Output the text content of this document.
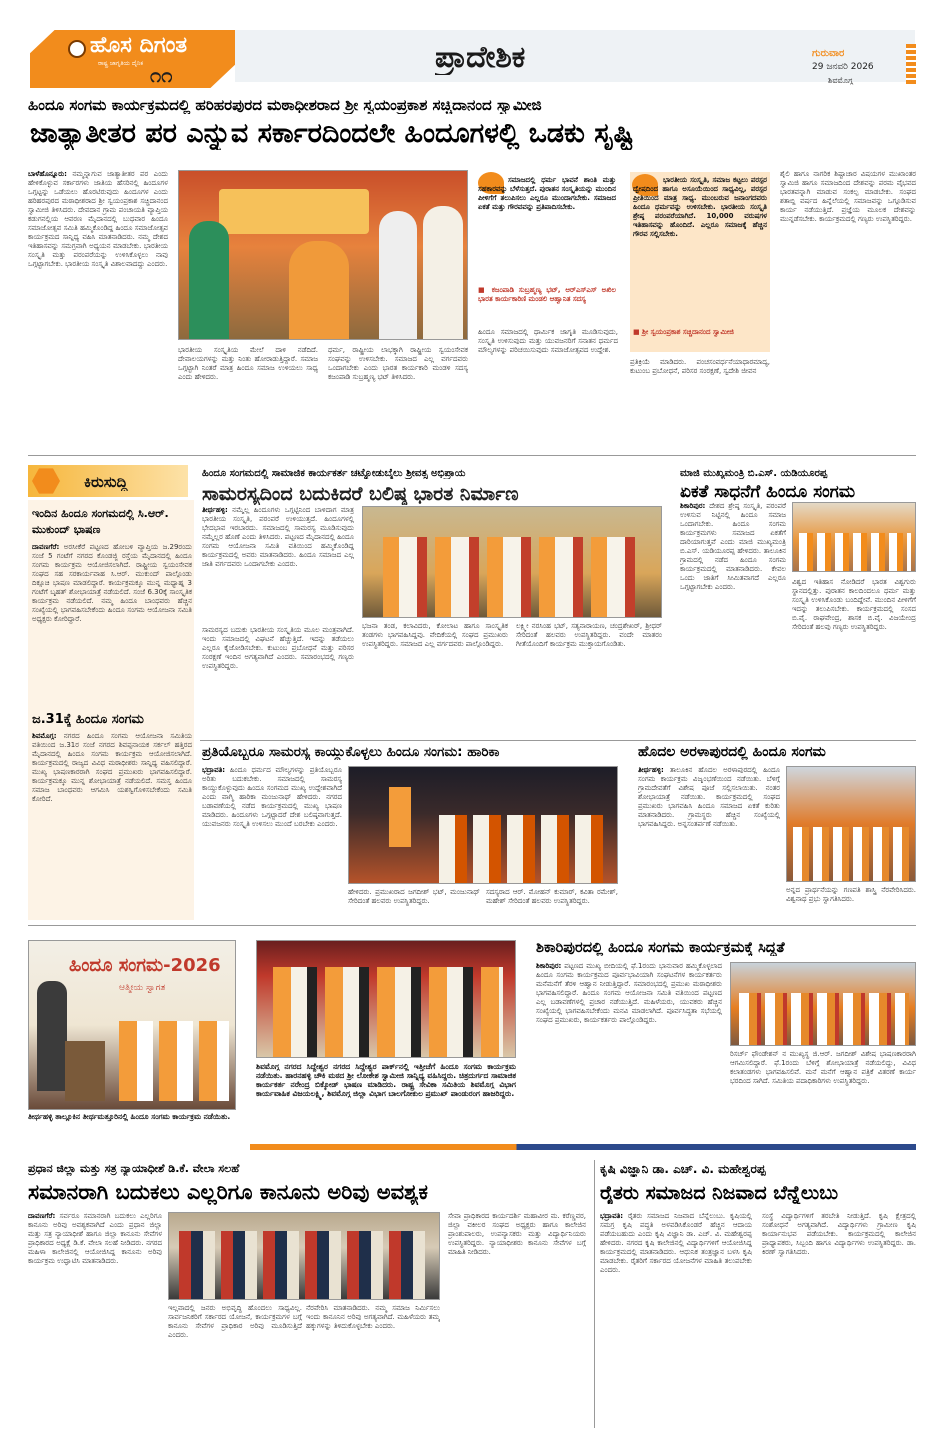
ಹೊಸ ದಿಗಂತ
ರಾಷ್ಟ್ರ ಜಾಗೃತಿಯ ದೈನಿಕ ೧೧	ಪ್ರಾದೇಶಿಕ	ಗುರುವಾರ
29 ಜನವರಿ 2026
ಶಿವಮೊಗ್ಗ
ಹಿಂದೂ ಸಂಗಮ ಕಾರ್ಯಕ್ರಮದಲ್ಲಿ ಹರಿಹರಪುರದ ಮಠಾಧೀಶರಾದ ಶ್ರೀ ಸ್ವಯಂಪ್ರಕಾಶ ಸಚ್ಚಿದಾನಂದ ಸ್ವಾಮೀಜಿ
ಜಾತ್ಯಾತೀತರ ಪರ ಎನ್ನುವ ಸರ್ಕಾರದಿಂದಲೇ ಹಿಂದೂಗಳಲ್ಲಿ ಒಡಕು ಸೃಷ್ಟಿ
ಬಾಳೆಹೊನ್ನೂರು: ನಮ್ಮನ್ನಾಗುವ ಜಾತ್ಯಾತೀತರ ಪರ ಎಂದು ಹೇಳಿಕೊಳ್ಳುವ ಸರ್ಕಾರಗಳು ಜಾತಿಯ ಹೆಸರಿನಲ್ಲಿ ಹಿಂದೂಗಳ ಒಗ್ಗಟ್ಟನ್ನು ಒಡೆಯಲು ಹೊರಟಿರುವುದು ಹಿಂದೂಗಳ ಎಂದು ಹರಿಹರಪುರದ ಮಠಾಧೀಶರಾದ ಶ್ರೀ ಸ್ವಯಂಪ್ರಕಾಶ ಸಚ್ಚಿದಾನಂದ ಸ್ವಾಮೀಜಿ ತಿಳಿಸಿದರು. ದೇವದಾನ ಗ್ರಾಮ ಪಂಚಾಯತಿ ವ್ಯಾಪ್ತಿಯ ಕಡುಗನಲ್ಲಿಯ ಆವರಣ ಮೈದಾನದಲ್ಲಿ ಬುಧವಾರ ಹಿಂದೂ ಸಮಾಜೋತ್ಸವ ಸಮಿತಿ ಹಮ್ಮಿಕೊಂಡಿದ್ದ ಹಿಂದೂ ಸಮಾಜೋತ್ಸವ ಕಾರ್ಯಕ್ರಮದ ಸಾನ್ನಿಧ್ಯ ವಹಿಸಿ ಮಾತನಾಡಿದರು. ನಮ್ಮ ದೇಶದ ಇತಿಹಾಸವನ್ನು ಸಮಗ್ರವಾಗಿ ಅಧ್ಯಯನ ಮಾಡಬೇಕು. ಭಾರತೀಯ ಸಂಸ್ಕೃತಿ ಮತ್ತು ಪರಂಪರೆಯನ್ನು ಉಳಿಸಿಕೊಳ್ಳಲು ನಾವು ಒಗ್ಗಟ್ಟಾಗಬೇಕು. ಭಾರತೀಯ ಸಂಸ್ಕೃತಿ ವಿಶಾಲವಾದದ್ದು ಎಂದರು.
ಸಮಾಜದಲ್ಲಿ ಧರ್ಮ ಭಾವನೆ ಶಾಂತಿ ಮತ್ತು ಸಹಕಾರವನ್ನು ಬೆಳೆಸುತ್ತದೆ. ಪುರಾತನ ಸಂಸ್ಕೃತಿಯನ್ನು ಮುಂದಿನ ಪೀಳಿಗೆಗೆ ತಲುಪಿಸಲು ಎಲ್ಲರೂ ಮುಂದಾಗಬೇಕು. ಸಮಾಜದ ಏಕತೆ ಮತ್ತು ಗೌರವವನ್ನು ಪ್ರತಿಪಾದಿಸಬೇಕು.
■ ಕಜಂಪಾಡಿ ಸುಬ್ರಹ್ಮಣ್ಯ ಭಟ್, ಆರ್‌ಎಸ್‌ಎಸ್ ಅಖಿಲ ಭಾರತ ಕಾರ್ಯಕಾರಿಣಿ ಮಂಡಲಿ ಆಹ್ವಾನಿತ ಸದಸ್ಯ
ಭಾರತೀಯ ಸಂಸ್ಕೃತಿ, ಸಮಾಜ ಕಟ್ಟಲು ಪರಸ್ಪರ ದ್ವೇಷದಿಂದ ಹಾಗೂ ಅಸೂಯೆಯಿಂದ ಸಾಧ್ಯವಿಲ್ಲ, ಪರಸ್ಪರ ಪ್ರೀತಿಯಿಂದ ಮಾತ್ರ ಸಾಧ್ಯ. ಮುಂಬರುವ ಜನಾಂಗದವರು ಹಿಂದೂ ಧರ್ಮವನ್ನು ಉಳಿಸಬೇಕು. ಭಾರತೀಯ ಸಂಸ್ಕೃತಿ ಶ್ರೇಷ್ಠ ಪರಂಪರೆಯಾಗಿದೆ. 10,000 ವರುಷಗಳ ಇತಿಹಾಸವನ್ನು ಹೊಂದಿದೆ. ಎಲ್ಲರೂ ಸಮಾಜಕ್ಕೆ ಹೆಚ್ಚಿನ ಗೌರವ ಸಲ್ಲಿಸಬೇಕು.
■ ಶ್ರೀ ಸ್ವಯಂಪ್ರಕಾಶ ಸಚ್ಚಿದಾನಂದ ಸ್ವಾಮೀಜಿ
ಭಾರತೀಯ ಸಂಸ್ಕೃತಿಯ ಮೇಲೆ ದಾಳಿ ನಡೆದಿದೆ. ದೇವಾಲಯಗಳನ್ನು ಮತ್ತು ನಿಂತು ಹೋರಾಡುತ್ತಿದ್ದಾರೆ. ಸಮಾಜ ಒಗ್ಗಟ್ಟಾಗಿ ನಿಂತರೆ ಮಾತ್ರ ಹಿಂದೂ ಸಮಾಜ ಉಳಿಯಲು ಸಾಧ್ಯ ಎಂದು ಹೇಳಿದರು.
ಧರ್ಮ, ರಾಷ್ಟ್ರೀಯ ಲಾಭಕ್ಕಾಗಿ ರಾಷ್ಟ್ರೀಯ ಸ್ವಯಂಸೇವಕ ಸಂಘವನ್ನು ಉಳಿಸಬೇಕು. ಸಮಾಜದ ಎಲ್ಲ ವರ್ಗದವರು ಒಂದಾಗಬೇಕು ಎಂದು ಭಾರತ ಕಾರ್ಯಕಾರಿ ಮಂಡಳಿ ಸದಸ್ಯ ಕಜಂಪಾಡಿ ಸುಬ್ರಹ್ಮಣ್ಯ ಭಟ್ ತಿಳಿಸಿದರು.
ಹಿಂದೂ ಸಮಾಜದಲ್ಲಿ ಧಾರ್ಮಿಕ ಜಾಗೃತಿ ಮೂಡಿಸುವುದು, ಸಂಸ್ಕೃತಿ ಉಳಿಸುವುದು ಮತ್ತು ಯುವಜನರಿಗೆ ಸನಾತನ ಧರ್ಮದ ಮೌಲ್ಯಗಳನ್ನು ಪರಿಚಯಿಸುವುದು ಸಮಾಜೋತ್ಸವದ ಉದ್ದೇಶ.
ಪ್ರತಿಕ್ರಿಯೆ ಮಾಡಿದರು. ಪಂಚಸಂವರ್ಧನೆಯಾಧಾರಮಾದ್ಯ, ಕುಟುಂಬ ಪ್ರಬೋಧನೆ, ಪರಿಸರ ಸಂರಕ್ಷಣೆ, ಸ್ವದೇಶಿ ಜೀವನ
ಶೈಲಿ ಹಾಗೂ ನಾಗರಿಕ ಶಿಷ್ಟಾಚಾರ ವಿಷಯಗಳ ಮುಖಾಂತರ ಸ್ವಾಮಿಜಿ ಹಾಗೂ ಸಮಾಜದಿಂದ ದೇಶವನ್ನು ಪರಮ ವೈಭವದ ಭಾರತವನ್ನಾಗಿ ಮಾಡುವ ಸಂಕಲ್ಪ ಮಾಡಬೇಕು. ಸಂಘದ ಶತಾಬ್ದಿ ವರ್ಷದ ಹಿನ್ನೆಲೆಯಲ್ಲಿ ಸಮಾಜವನ್ನು ಒಗ್ಗೂಡಿಸುವ ಕಾರ್ಯ ನಡೆಯುತ್ತಿದೆ. ಪ್ರಜ್ಞೆಯ ಮೂಲಕ ದೇಶವನ್ನು ಮುನ್ನಡೆಸಬೇಕು. ಕಾರ್ಯಕ್ರಮದಲ್ಲಿ ಗಣ್ಯರು ಉಪಸ್ಥಿತರಿದ್ದರು.
ಕಿರುಸುದ್ದಿ
ಇಂದಿನ ಹಿಂದೂ ಸಂಗಮದಲ್ಲಿ ಸಿ.ಆರ್. ಮುಕುಂದ್ ಭಾಷಣ
ದಾವಣಗೆರೆ: ಅರಸೀಕೆರೆ ಪಟ್ಟಣದ ಹೋಬಳಿ ವ್ಯಾಪ್ತಿಯ ಜ.29ರಂದು ಸಂಜೆ 5 ಗಂಟೆಗೆ ನಗರದ ಕೊಂಡಜ್ಜಿ ರಸ್ತೆಯ ಮೈದಾನದಲ್ಲಿ ಹಿಂದೂ ಸಂಗಮ ಕಾರ್ಯಕ್ರಮ ಆಯೋಜಿಸಲಾಗಿದೆ. ರಾಷ್ಟ್ರೀಯ ಸ್ವಯಂಸೇವಕ ಸಂಘದ ಸಹ ಸರಕಾರ್ಯವಾಹ ಸಿ.ಆರ್. ಮುಕುಂದ್ ಪಾಲ್ಗೊಂಡು ದಿಕ್ಸೂಚಿ ಭಾಷಣ ಮಾಡಲಿದ್ದಾರೆ. ಕಾರ್ಯಕ್ರಮಕ್ಕೂ ಮುನ್ನ ಮಧ್ಯಾಹ್ನ 3 ಗಂಟೆಗೆ ಬೃಹತ್ ಶೋಭಾಯಾತ್ರೆ ನಡೆಯಲಿದೆ. ಸಂಜೆ 6.30ಕ್ಕೆ ಸಾಂಸ್ಕೃತಿಕ ಕಾರ್ಯಕ್ರಮ ನಡೆಯಲಿದೆ. ನಮ್ಮ ಹಿಂದೂ ಬಾಂಧವರು ಹೆಚ್ಚಿನ ಸಂಖ್ಯೆಯಲ್ಲಿ ಭಾಗವಹಿಸಬೇಕೆಂದು ಹಿಂದೂ ಸಂಗಮ ಆಯೋಜನಾ ಸಮಿತಿ ಅಧ್ಯಕ್ಷರು ಕೋರಿದ್ದಾರೆ.
ಜ.31ಕ್ಕೆ ಹಿಂದೂ ಸಂಗಮ
ಶಿವಮೊಗ್ಗ: ನಗರದ ಹಿಂದೂ ಸಂಗಮ ಆಯೋಜನಾ ಸಮಿತಿಯ ವತಿಯಿಂದ ಜ.31ರ ಸಂಜೆ ನಗರದ ಶಿವಪ್ಪನಾಯಕ ಸರ್ಕಲ್ ಹತ್ತಿರದ ಮೈದಾನದಲ್ಲಿ ಹಿಂದೂ ಸಂಗಮ ಕಾರ್ಯಕ್ರಮ ಆಯೋಜಿಸಲಾಗಿದೆ. ಕಾರ್ಯಕ್ರಮದಲ್ಲಿ ರಾಜ್ಯದ ವಿವಿಧ ಮಠಾಧೀಶರು ಸಾನ್ನಿಧ್ಯ ವಹಿಸಲಿದ್ದಾರೆ. ಮುಖ್ಯ ಭಾಷಣಕಾರರಾಗಿ ಸಂಘದ ಪ್ರಮುಖರು ಭಾಗವಹಿಸಲಿದ್ದಾರೆ. ಕಾರ್ಯಕ್ರಮಕ್ಕೂ ಮುನ್ನ ಶೋಭಾಯಾತ್ರೆ ನಡೆಯಲಿದೆ. ಸಮಸ್ತ ಹಿಂದೂ ಸಮಾಜ ಬಾಂಧವರು ಆಗಮಿಸಿ ಯಶಸ್ವಿಗೊಳಿಸಬೇಕೆಂದು ಸಮಿತಿ ಕೋರಿದೆ.
ಹಿಂದೂ ಸಂಗಮದಲ್ಲಿ ಸಾಮಾಜಿಕ ಕಾರ್ಯಕರ್ತ ಚಟ್ನೋಡುಬೈಲು ಶ್ರೀವತ್ಸ ಅಭಿಪ್ರಾಯ
ಸಾಮರಸ್ಯದಿಂದ ಬದುಕಿದರೆ ಬಲಿಷ್ಠ ಭಾರತ ನಿರ್ಮಾಣ
ತೀರ್ಥಹಳ್ಳಿ: ನಮ್ಮೆಲ್ಲ ಹಿಂದೂಗಳು ಒಗ್ಗಟ್ಟಿನಿಂದ ಬಾಳಿದಾಗ ಮಾತ್ರ ಭಾರತೀಯ ಸಂಸ್ಕೃತಿ, ಪರಂಪರೆ ಉಳಿಯುತ್ತದೆ. ಹಿಂದೂಗಳಲ್ಲಿ ಭೇದಭಾವ ಇರಬಾರದು. ಸಮಾಜದಲ್ಲಿ ಸಾಮರಸ್ಯ ಮೂಡಿಸುವುದು ನಮ್ಮೆಲ್ಲರ ಹೊಣೆ ಎಂದು ತಿಳಿಸಿದರು. ಪಟ್ಟಣದ ಮೈದಾನದಲ್ಲಿ ಹಿಂದೂ ಸಂಗಮ ಆಯೋಜನಾ ಸಮಿತಿ ವತಿಯಿಂದ ಹಮ್ಮಿಕೊಂಡಿದ್ದ ಕಾರ್ಯಕ್ರಮದಲ್ಲಿ ಅವರು ಮಾತನಾಡಿದರು. ಹಿಂದೂ ಸಮಾಜದ ಎಲ್ಲ ಜಾತಿ ವರ್ಗದವರು ಒಂದಾಗಬೇಕು ಎಂದರು.
ಸಾಮರಸ್ಯದ ಬದುಕು ಭಾರತೀಯ ಸಂಸ್ಕೃತಿಯ ಮೂಲ ಮಂತ್ರವಾಗಿದೆ. ಇಂದು ಸಮಾಜದಲ್ಲಿ ವಿಘಟನೆ ಹೆಚ್ಚುತ್ತಿದೆ. ಇದನ್ನು ತಡೆಯಲು ಎಲ್ಲರೂ ಕೈಜೋಡಿಸಬೇಕು. ಕುಟುಂಬ ಪ್ರಬೋಧನೆ ಮತ್ತು ಪರಿಸರ ಸಂರಕ್ಷಣೆ ಇಂದಿನ ಅಗತ್ಯವಾಗಿದೆ ಎಂದರು. ಸಮಾರಂಭದಲ್ಲಿ ಗಣ್ಯರು ಉಪಸ್ಥಿತರಿದ್ದರು.
ಭಜನಾ ತಂಡ, ಕಲಾವಿದರು, ಕೋಲಾಟ ಹಾಗೂ ಸಾಂಸ್ಕೃತಿಕ ತಂಡಗಳು ಭಾಗವಹಿಸಿದ್ದವು. ವೇದಿಕೆಯಲ್ಲಿ ಸಂಘದ ಪ್ರಮುಖರು ಉಪಸ್ಥಿತರಿದ್ದರು. ಸಮಾಜದ ಎಲ್ಲ ವರ್ಗದವರು ಪಾಲ್ಗೊಂಡಿದ್ದರು.
ಲಕ್ಷ್ಮೀ ನರಸಿಂಹ ಭಟ್, ಸತ್ಯನಾರಾಯಣ, ಚಂದ್ರಶೇಖರ್, ಶ್ರೀಧರ್ ಸೇರಿದಂತೆ ಹಲವರು ಉಪಸ್ಥಿತರಿದ್ದರು. ವಂದೇ ಮಾತರಂ ಗೀತೆಯೊಂದಿಗೆ ಕಾರ್ಯಕ್ರಮ ಮುಕ್ತಾಯಗೊಂಡಿತು.
ಮಾಜಿ ಮುಖ್ಯಮಂತ್ರಿ ಬಿ.ಎಸ್. ಯಡಿಯೂರಪ್ಪ
ಏಕತೆ ಸಾಧನೆಗೆ ಹಿಂದೂ ಸಂಗಮ
ಶಿಕಾರಿಪುರ: ದೇಶದ ಶ್ರೇಷ್ಠ ಸಂಸ್ಕೃತಿ, ಪರಂಪರೆ ಉಳಿಸುವ ನಿಟ್ಟಿನಲ್ಲಿ ಹಿಂದೂ ಸಮಾಜ ಒಂದಾಗಬೇಕು. ಹಿಂದೂ ಸಂಗಮ ಕಾರ್ಯಕ್ರಮಗಳು ಸಮಾಜದ ಏಕತೆಗೆ ದಾರಿಯಾಗುತ್ತವೆ ಎಂದು ಮಾಜಿ ಮುಖ್ಯಮಂತ್ರಿ ಬಿ.ಎಸ್. ಯಡಿಯೂರಪ್ಪ ಹೇಳಿದರು. ತಾಲೂಕಿನ ಗ್ರಾಮದಲ್ಲಿ ನಡೆದ ಹಿಂದೂ ಸಂಗಮ ಕಾರ್ಯಕ್ರಮದಲ್ಲಿ ಮಾತನಾಡಿದರು. ಕೇವಲ ಒಂದು ಜಾತಿಗೆ ಸೀಮಿತವಾಗದೆ ಎಲ್ಲರೂ ಒಗ್ಗಟ್ಟಾಗಬೇಕು ಎಂದರು.
ವಿಶ್ವದ ಇತಿಹಾಸ ನೋಡಿದರೆ ಭಾರತ ವಿಶ್ವಗುರು ಸ್ಥಾನದಲ್ಲಿತ್ತು. ಪುರಾತನ ಕಾಲದಿಂದಲೂ ಧರ್ಮ ಮತ್ತು ಸಂಸ್ಕೃತಿ ಉಳಿಸಿಕೊಂಡು ಬಂದಿದ್ದೇವೆ. ಮುಂದಿನ ಪೀಳಿಗೆಗೆ ಇದನ್ನು ತಲುಪಿಸಬೇಕು. ಕಾರ್ಯಕ್ರಮದಲ್ಲಿ ಸಂಸದ ಬಿ.ವೈ. ರಾಘವೇಂದ್ರ, ಶಾಸಕ ಬಿ.ವೈ. ವಿಜಯೇಂದ್ರ ಸೇರಿದಂತೆ ಹಲವು ಗಣ್ಯರು ಉಪಸ್ಥಿತರಿದ್ದರು.
ಪ್ರತಿಯೊಬ್ಬರೂ ಸಾಮರಸ್ಯ ಕಾಯ್ದುಕೊಳ್ಳಲು ಹಿಂದೂ ಸಂಗಮ: ಹಾರಿಕಾ
ಭದ್ರಾವತಿ: ಹಿಂದೂ ಧರ್ಮದ ಮೌಲ್ಯಗಳನ್ನು ಪ್ರತಿಯೊಬ್ಬರೂ ಅರಿತು ಬದುಕಬೇಕು. ಸಮಾಜದಲ್ಲಿ ಸಾಮರಸ್ಯ ಕಾಯ್ದುಕೊಳ್ಳುವುದು ಹಿಂದೂ ಸಂಗಮದ ಮುಖ್ಯ ಉದ್ದೇಶವಾಗಿದೆ ಎಂದು ವಾಗ್ಮಿ ಹಾರಿಕಾ ಮಂಜುನಾಥ್ ಹೇಳಿದರು. ನಗರದ ಬಡಾವಣೆಯಲ್ಲಿ ನಡೆದ ಕಾರ್ಯಕ್ರಮದಲ್ಲಿ ಮುಖ್ಯ ಭಾಷಣ ಮಾಡಿದರು. ಹಿಂದೂಗಳು ಒಗ್ಗಟ್ಟಾದರೆ ದೇಶ ಬಲಿಷ್ಠವಾಗುತ್ತದೆ. ಯುವಜನರು ಸಂಸ್ಕೃತಿ ಉಳಿಸಲು ಮುಂದೆ ಬರಬೇಕು ಎಂದರು.
ಹೇಳಿದರು. ಪ್ರಮುಖರಾದ ಜಗದೀಶ್ ಭಟ್, ಮಂಜುನಾಥ್ ಸೇರಿದಂತೆ ಹಲವರು ಉಪಸ್ಥಿತರಿದ್ದರು.
ಸದಸ್ಯರಾದ ಆರ್. ಮೋಹನ್ ಕುಮಾರ್, ಕವಿತಾ ರಮೇಶ್, ಮಹೇಶ್ ಸೇರಿದಂತೆ ಹಲವರು ಉಪಸ್ಥಿತರಿದ್ದರು.
ಹೊದಲ ಅರಳಾಪುರದಲ್ಲಿ ಹಿಂದೂ ಸಂಗಮ
ತೀರ್ಥಹಳ್ಳಿ: ತಾಲೂಕಿನ ಹೊದಲ ಅರಳಾಪುರದಲ್ಲಿ ಹಿಂದೂ ಸಂಗಮ ಕಾರ್ಯಕ್ರಮ ವಿಜೃಂಭಣೆಯಿಂದ ನಡೆಯಿತು. ಬೆಳಿಗ್ಗೆ ಗ್ರಾಮದೇವತೆಗೆ ವಿಶೇಷ ಪೂಜೆ ಸಲ್ಲಿಸಲಾಯಿತು. ನಂತರ ಶೋಭಾಯಾತ್ರೆ ನಡೆಯಿತು. ಕಾರ್ಯಕ್ರಮದಲ್ಲಿ ಸಂಘದ ಪ್ರಮುಖರು ಭಾಗವಹಿಸಿ ಹಿಂದೂ ಸಮಾಜದ ಏಕತೆ ಕುರಿತು ಮಾತನಾಡಿದರು. ಗ್ರಾಮಸ್ಥರು ಹೆಚ್ಚಿನ ಸಂಖ್ಯೆಯಲ್ಲಿ ಭಾಗವಹಿಸಿದ್ದರು. ಅನ್ನಸಂತರ್ಪಣೆ ನಡೆಯಿತು.
ಅನ್ನದ ಪ್ರಾರ್ಥನೆಯನ್ನು ಗಣಪತಿ ಶಾಸ್ತ್ರಿ ನೆರವೇರಿಸಿದರು. ವಿಶ್ವನಾಥ ಪ್ರಭು ಸ್ವಾಗತಿಸಿದರು.
ಹಿಂದೂ ಸಂಗಮ-2026
ಆತ್ಮೀಯ ಸ್ವಾಗತ
ತೀರ್ಥಹಳ್ಳಿ ತಾಲ್ಲೂಕಿನ ತೀರ್ಥಮತ್ತೂರಿನಲ್ಲಿ ಹಿಂದೂ ಸಂಗಮ ಕಾರ್ಯಕ್ರಮ ನಡೆಯಿತು.
ಶಿವಮೊಗ್ಗ ನಗರದ ಸಿದ್ದೇಶ್ವರ ನಗರದ ಸಿದ್ದೇಶ್ವರ ಪಾರ್ಕ್‌ನಲ್ಲಿ ಇತ್ತೀಚೆಗೆ ಹಿಂದೂ ಸಂಗಮ ಕಾರ್ಯಕ್ರಮ ನಡೆಯಿತು. ಹಾರನಹಳ್ಳಿ ಚೌಕಿ ಮಠದ ಶ್ರೀ ಲೋಕೇಶ ಸ್ವಾಮೀಜಿ ಸಾನ್ನಿಧ್ಯ ವಹಿಸಿದ್ದರು. ಚಿತ್ರದುರ್ಗದ ಸಾಮಾಜಿಕ ಕಾರ್ಯಕರ್ತ ನರೇಂದ್ರ ಬಿಕ್ಕೋಡ್ ಭಾಷಣ ಮಾಡಿದರು. ರಾಷ್ಟ್ರ ಸೇವಿಕಾ ಸಮಿತಿಯ ಶಿವಮೊಗ್ಗ ವಿಭಾಗ ಕಾರ್ಯವಾಹಿಕ ವಿಜಯಲಕ್ಷ್ಮಿ, ಶಿವಮೊಗ್ಗ ಜಿಲ್ಲಾ ವಿಭಾಗ ಬಾಲಗೋಕುಲ ಪ್ರಮುಖ್ ಪಾಂಡುರಂಗ ಹಾಜರಿದ್ದರು.
ಶಿಕಾರಿಪುರದಲ್ಲಿ ಹಿಂದೂ ಸಂಗಮ ಕಾರ್ಯಕ್ರಮಕ್ಕೆ ಸಿದ್ಧತೆ
ಶಿಕಾರಿಪುರ: ಪಟ್ಟಣದ ಮುಖ್ಯ ಬೀದಿಯಲ್ಲಿ ಫೆ.1ರಂದು ಭಾನುವಾರ ಹಮ್ಮಿಕೊಳ್ಳಲಾದ ಹಿಂದೂ ಸಂಗಮ ಕಾರ್ಯಕ್ರಮದ ಪೂರ್ವಭಾವಿಯಾಗಿ ಸಂಘಟನೆಗಳ ಕಾರ್ಯಕರ್ತರು ಮನೆಮನೆಗೆ ತೆರಳಿ ಆಹ್ವಾನ ನೀಡುತ್ತಿದ್ದಾರೆ. ಸಮಾರಂಭದಲ್ಲಿ ಪ್ರಮುಖ ಮಠಾಧೀಶರು ಭಾಗವಹಿಸಲಿದ್ದಾರೆ. ಹಿಂದೂ ಸಂಗಮ ಆಯೋಜನಾ ಸಮಿತಿ ವತಿಯಿಂದ ಪಟ್ಟಣದ ಎಲ್ಲ ಬಡಾವಣೆಗಳಲ್ಲಿ ಪ್ರಚಾರ ನಡೆಯುತ್ತಿದೆ. ಮಹಿಳೆಯರು, ಯುವಕರು ಹೆಚ್ಚಿನ ಸಂಖ್ಯೆಯಲ್ಲಿ ಭಾಗವಹಿಸಬೇಕೆಂದು ಮನವಿ ಮಾಡಲಾಗಿದೆ. ಪೂರ್ವಸಿದ್ಧತಾ ಸಭೆಯಲ್ಲಿ ಸಂಘದ ಪ್ರಮುಖರು, ಕಾರ್ಯಕರ್ತರು ಪಾಲ್ಗೊಂಡಿದ್ದರು.
ರಿಸರ್ಚ್ ಫೌಂಡೇಶನ್ ನ ಮುಖ್ಯಸ್ಥ ಜಿ.ಆರ್. ಜಗದೀಶ್ ವಿಶೇಷ ಭಾಷಣಕಾರರಾಗಿ ಆಗಮಿಸಲಿದ್ದಾರೆ. ಫೆ.1ರಂದು ಬೆಳಿಗ್ಗೆ ಶೋಭಾಯಾತ್ರೆ ನಡೆಯಲಿದ್ದು, ವಿವಿಧ ಕಲಾತಂಡಗಳು ಭಾಗವಹಿಸಲಿವೆ. ಮನೆ ಮನೆಗೆ ಆಹ್ವಾನ ಪತ್ರಿಕೆ ವಿತರಣೆ ಕಾರ್ಯ ಭರದಿಂದ ಸಾಗಿದೆ. ಸಮಿತಿಯ ಪದಾಧಿಕಾರಿಗಳು ಉಪಸ್ಥಿತರಿದ್ದರು.
ಪ್ರಧಾನ ಜಿಲ್ಲಾ ಮತ್ತು ಸತ್ರ ನ್ಯಾಯಾಧೀಶೆ ಡಿ.ಕೆ. ವೇಲಾ ಸಲಹೆ
ಸಮಾನರಾಗಿ ಬದುಕಲು ಎಲ್ಲರಿಗೂ ಕಾನೂನು ಅರಿವು ಅವಶ್ಯಕ
ದಾವಣಗೆರೆ: ಸರ್ವರೂ ಸಮಾನರಾಗಿ ಬದುಕಲು ಎಲ್ಲರಿಗೂ ಕಾನೂನು ಅರಿವು ಅವಶ್ಯಕವಾಗಿದೆ ಎಂದು ಪ್ರಧಾನ ಜಿಲ್ಲಾ ಮತ್ತು ಸತ್ರ ನ್ಯಾಯಾಧೀಶೆ ಹಾಗೂ ಜಿಲ್ಲಾ ಕಾನೂನು ಸೇವೆಗಳ ಪ್ರಾಧಿಕಾರದ ಅಧ್ಯಕ್ಷೆ ಡಿ.ಕೆ. ವೇಲಾ ಸಲಹೆ ನೀಡಿದರು. ನಗರದ ಮಹಿಳಾ ಕಾಲೇಜಿನಲ್ಲಿ ಆಯೋಜಿಸಿದ್ದ ಕಾನೂನು ಅರಿವು ಕಾರ್ಯಕ್ರಮ ಉದ್ಘಾಟಿಸಿ ಮಾತನಾಡಿದರು.
ಇಲ್ಲವಾದಲ್ಲಿ ಜನರು ಅಭಿವೃದ್ಧಿ ಹೊಂದಲು ಸಾಧ್ಯವಿಲ್ಲ. ಸಾರ್ವಜನಿಕರಿಗೆ ಸರ್ಕಾರದ ಯೋಜನೆ, ಕಾರ್ಯಕ್ರಮಗಳ ಬಗ್ಗೆ ಕಾನೂನು ಸೇವೆಗಳ ಪ್ರಾಧಿಕಾರ ಅರಿವು ಮೂಡಿಸುತ್ತಿದೆ ಎಂದರು.
ನೆರವೇರಿಸಿ ಮಾತನಾಡಿದರು. ನಮ್ಮ ಸಮಾಜ ನಿರ್ಮಿಸಲು ಇಂದು ಕಾನೂನಿನ ಅರಿವು ಅಗತ್ಯವಾಗಿದೆ. ಮಹಿಳೆಯರು ತಮ್ಮ ಹಕ್ಕುಗಳನ್ನು ತಿಳಿದುಕೊಳ್ಳಬೇಕು ಎಂದರು.
ಸೇವಾ ಪ್ರಾಧಿಕಾರದ ಕಾರ್ಯದರ್ಶಿ ಮಹಾವೀರ ಮ. ಕರೆಣ್ಣವರ, ಜಿಲ್ಲಾ ವಕೀಲರ ಸಂಘದ ಅಧ್ಯಕ್ಷರು ಹಾಗೂ ಕಾಲೇಜಿನ ಪ್ರಾಂಶುಪಾಲರು, ಉಪನ್ಯಾಸಕರು ಮತ್ತು ವಿದ್ಯಾರ್ಥಿನಿಯರು ಉಪಸ್ಥಿತರಿದ್ದರು. ನ್ಯಾಯಾಧೀಶರು ಕಾನೂನು ಸೇವೆಗಳ ಬಗ್ಗೆ ಮಾಹಿತಿ ನೀಡಿದರು.
ಕೃಷಿ ವಿಜ್ಞಾನಿ ಡಾ. ಎಚ್. ವಿ. ಮಹೇಶ್ವರಪ್ಪ
ರೈತರು ಸಮಾಜದ ನಿಜವಾದ ಬೆನ್ನೆಲುಬು
ಭದ್ರಾವತಿ: ರೈತರು ಸಮಾಜದ ನಿಜವಾದ ಬೆನ್ನೆಲುಬು. ಕೃಷಿಯಲ್ಲಿ ಸಮಗ್ರ ಕೃಷಿ ಪದ್ಧತಿ ಅಳವಡಿಸಿಕೊಂಡರೆ ಹೆಚ್ಚಿನ ಆದಾಯ ಪಡೆಯಬಹುದು ಎಂದು ಕೃಷಿ ವಿಜ್ಞಾನಿ ಡಾ. ಎಚ್. ವಿ. ಮಹೇಶ್ವರಪ್ಪ ಹೇಳಿದರು. ನಗರದ ಕೃಷಿ ಕಾಲೇಜಿನಲ್ಲಿ ವಿದ್ಯಾರ್ಥಿಗಳಿಗೆ ಆಯೋಜಿಸಿದ್ದ ಕಾರ್ಯಕ್ರಮದಲ್ಲಿ ಮಾತನಾಡಿದರು. ಆಧುನಿಕ ತಂತ್ರಜ್ಞಾನ ಬಳಸಿ ಕೃಷಿ ಮಾಡಬೇಕು. ರೈತರಿಗೆ ಸರ್ಕಾರದ ಯೋಜನೆಗಳ ಮಾಹಿತಿ ತಲುಪಬೇಕು ಎಂದರು.
ಸಂಸ್ಥೆ ವಿದ್ಯಾರ್ಥಿಗಳಿಗೆ ತರಬೇತಿ ನೀಡುತ್ತಿದೆ. ಕೃಷಿ ಕ್ಷೇತ್ರದಲ್ಲಿ ಸಂಶೋಧನೆ ಅಗತ್ಯವಾಗಿದೆ. ವಿದ್ಯಾರ್ಥಿಗಳು ಗ್ರಾಮೀಣ ಕೃಷಿ ಕಾರ್ಯಾನುಭವ ಪಡೆಯಬೇಕು. ಕಾರ್ಯಕ್ರಮದಲ್ಲಿ ಕಾಲೇಜಿನ ಪ್ರಾಧ್ಯಾಪಕರು, ಸಿಬ್ಬಂದಿ ಹಾಗೂ ವಿದ್ಯಾರ್ಥಿಗಳು ಉಪಸ್ಥಿತರಿದ್ದರು. ಡಾ. ಕಿರಣ್ ಸ್ವಾಗತಿಸಿದರು.
